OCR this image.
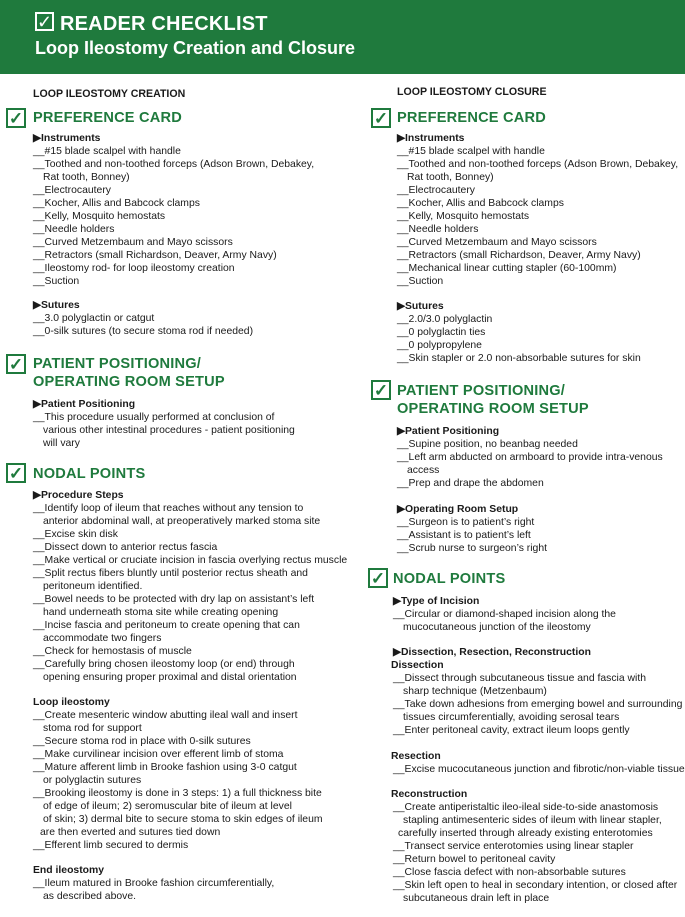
✓ READER CHECKLIST
Loop Ileostomy Creation and Closure
LOOP ILEOSTOMY CREATION
✓ PREFERENCE CARD
▶Instruments
__#15 blade scalpel with handle
__Toothed and non-toothed forceps (Adson Brown, Debakey,
Rat tooth, Bonney)
__Electrocautery
__Kocher, Allis and Babcock clamps
__Kelly, Mosquito hemostats
__Needle holders
__Curved Metzembaum and Mayo scissors
__Retractors (small Richardson, Deaver, Army Navy)
__Ileostomy rod- for loop ileostomy creation
__Suction
▶Sutures
__3.0 polyglactin or catgut
__0-silk sutures (to secure stoma rod if needed)
✓ PATIENT POSITIONING/
OPERATING ROOM SETUP
▶Patient Positioning
__This procedure usually performed at conclusion of
various other intestinal procedures - patient positioning
will vary
✓ NODAL POINTS
▶Procedure Steps
__Identify loop of ileum that reaches without any tension to
anterior abdominal wall, at preoperatively marked stoma site
__Excise skin disk
__Dissect down to anterior rectus fascia
__Make vertical or cruciate incision in fascia overlying rectus muscle
__Split rectus fibers bluntly until posterior rectus sheath and
peritoneum identified.
__Bowel needs to be protected with dry lap on assistant’s left
hand underneath stoma site while creating opening
__Incise fascia and peritoneum to create opening that can
accommodate two fingers
__Check for hemostasis of muscle
__Carefully bring chosen ileostomy loop (or end) through
opening ensuring proper proximal and distal orientation
Loop ileostomy
__Create mesenteric window abutting ileal wall and insert
stoma rod for support
__Secure stoma rod in place with 0-silk sutures
__Make curvilinear incision over efferent limb of stoma
__Mature afferent limb in Brooke fashion using 3-0 catgut
or polyglactin sutures
__Brooking ileostomy is done in 3 steps: 1) a full thickness bite
of edge of ileum; 2) seromuscular bite of ileum at level
of skin; 3) dermal bite to secure stoma to skin edges of ileum
are then everted and sutures tied down
__Efferent limb secured to dermis
End ileostomy
__Ileum matured in Brooke fashion circumferentially,
as described above.
LOOP ILEOSTOMY CLOSURE
✓ PREFERENCE CARD
▶Instruments
__#15 blade scalpel with handle
__Toothed and non-toothed forceps (Adson Brown, Debakey,
Rat tooth, Bonney)
__Electrocautery
__Kocher, Allis and Babcock clamps
__Kelly, Mosquito hemostats
__Needle holders
__Curved Metzembaum and Mayo scissors
__Retractors (small Richardson, Deaver, Army Navy)
__Mechanical linear cutting stapler (60-100mm)
__Suction
▶Sutures
__2.0/3.0 polyglactin
__0 polyglactin ties
__0 polypropylene
__Skin stapler or 2.0 non-absorbable sutures for skin
✓ PATIENT POSITIONING/
OPERATING ROOM SETUP
▶Patient Positioning
__Supine position, no beanbag needed
__Left arm abducted on armboard to provide intra-venous
access
__Prep and drape the abdomen
▶Operating Room Setup
__Surgeon is to patient’s right
__Assistant is to patient’s left
__Scrub nurse to surgeon’s right
✓ NODAL POINTS
▶Type of Incision
__Circular or diamond-shaped incision along the
mucocutaneous junction of the ileostomy
▶Dissection, Resection, Reconstruction
Dissection
__Dissect through subcutaneous tissue and fascia with
sharp technique (Metzenbaum)
__Take down adhesions from emerging bowel and surrounding
tissues circumferentially, avoiding serosal tears
__Enter peritoneal cavity, extract ileum loops gently
Resection
__Excise mucocutaneous junction and fibrotic/non-viable tissue
Reconstruction
__Create antiperistaltic ileo-ileal side-to-side anastomosis
stapling antimesenteric sides of ileum with linear stapler,
carefully inserted through already existing enterotomies
__Transect service enterotomies using linear stapler
__Return bowel to peritoneal cavity
__Close fascia defect with non-absorbable sutures
__Skin left open to heal in secondary intention, or closed after
subcutaneous drain left in place
